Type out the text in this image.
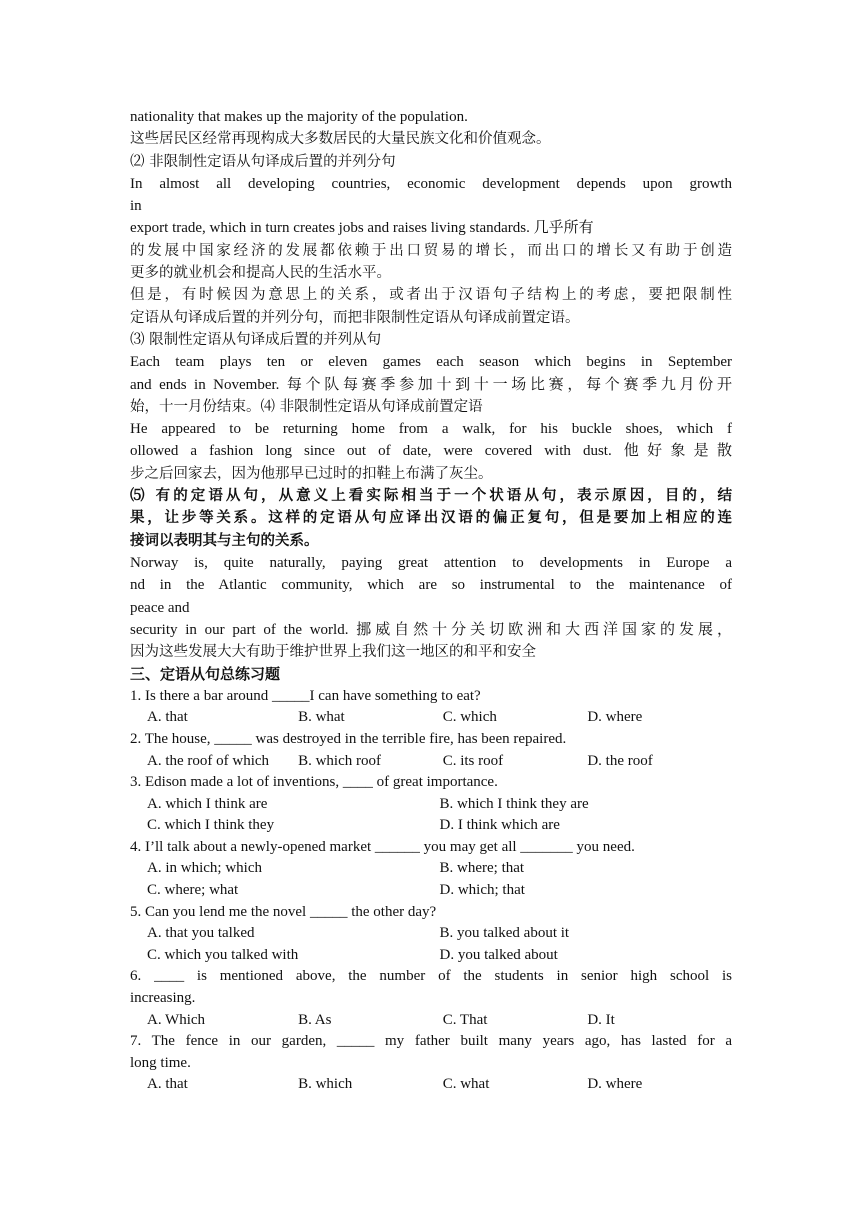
nationality that makes up the majority of the population.
这些居民区经常再现构成大多数居民的大量民族文化和价值观念。
⑵ 非限制性定语从句译成后置的并列分句
In almost all developing countries, economic development depends upon growth
in
export trade, which in turn creates jobs and raises living standards. 几乎所有
的发展中国家经济的发展都依赖于出口贸易的增长，而出口的增长又有助于创造
更多的就业机会和提高人民的生活水平。
但是，有时候因为意思上的关系，或者出于汉语句子结构上的考虑，要把限制性
定语从句译成后置的并列分句，而把非限制性定语从句译成前置定语。
⑶ 限制性定语从句译成后置的并列从句
Each team plays ten or eleven games each season which begins in September
and ends in November. 每个队每赛季参加十到十一场比赛，每个赛季九月份开
始，十一月份结束。⑷ 非限制性定语从句译成前置定语
He appeared to be returning home from a walk, for his buckle shoes, which f
ollowed a fashion long since out of date, were covered with dust. 他好象是散
步之后回家去，因为他那早已过时的扣鞋上布满了灰尘。
⑸ 有的定语从句，从意义上看实际相当于一个状语从句，表示原因，目的，结
果，让步等关系。这样的定语从句应译出汉语的偏正复句，但是要加上相应的连
接词以表明其与主句的关系。
Norway is, quite naturally, paying great attention to developments in Europe a
nd in the Atlantic community, which are so instrumental to the maintenance of
peace and
security in our part of the world. 挪威自然十分关切欧洲和大西洋国家的发展，
因为这些发展大大有助于维护世界上我们这一地区的和平和安全
三、定语从句总练习题
1. Is there a bar around _____I can have something to eat?
A. that	B. what	C. which	D. where
2. The house, _____ was destroyed in the terrible fire, has been repaired.
A. the roof of which	B. which roof	C. its roof	D. the roof
3. Edison made a lot of inventions, ____ of great importance.
A. which I think are	B. which I think they are
C. which I think they	D. I think which are
4. I’ll talk about a newly-opened market ______ you may get all _______ you need.
A. in which; which	B. where; that
C. where; what	D. which; that
5. Can you lend me the novel _____ the other day?
A. that you talked	B. you talked about it
C. which you talked with	D. you talked about
6. ____ is mentioned above, the number of the students in senior high school is
increasing.
A. Which	B. As	C. That	D. It
7. The fence in our garden, _____ my father built many years ago, has lasted for a
long time.
A. that	B. which	C. what	D. where
